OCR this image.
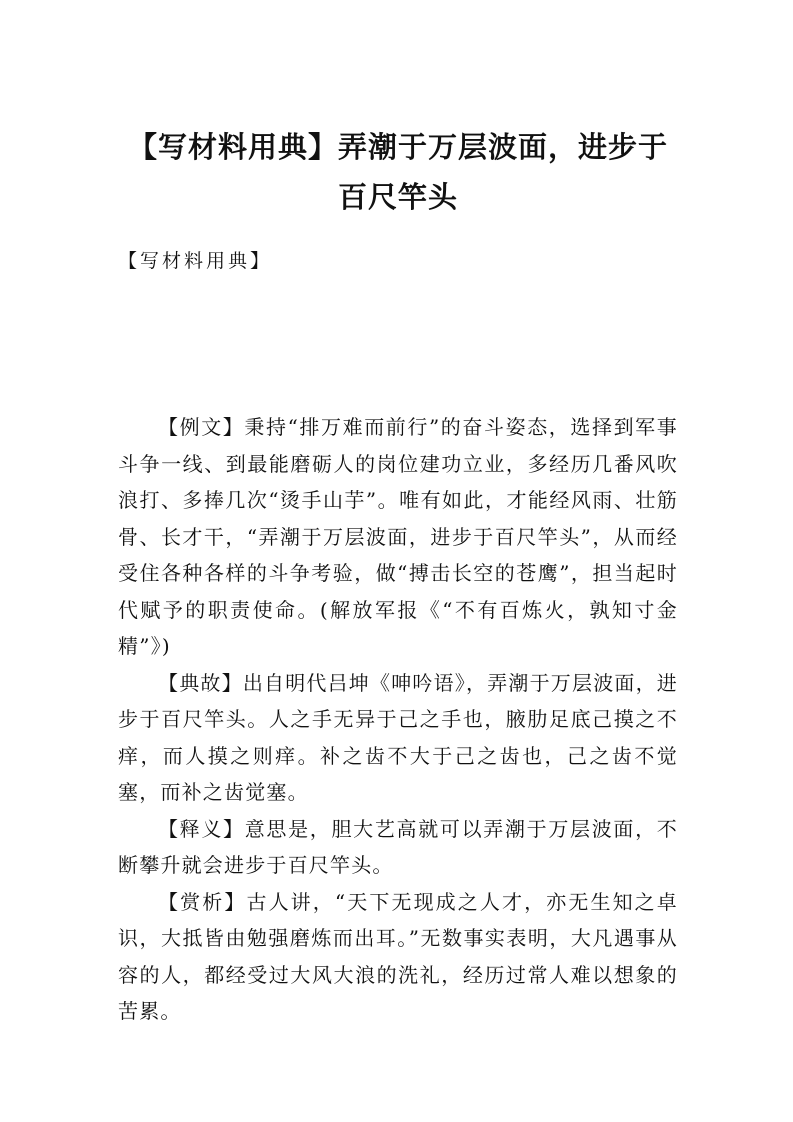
【写材料用典】弄潮于万层波面，进步于百尺竿头
【写材料用典】

【例文】秉持“排万难而前行”的奋斗姿态，选择到军事斗争一线、到最能磨砺人的岗位建功立业，多经历几番风吹浪打、多捧几次“烫手山芋”。唯有如此，才能经风雨、壮筋骨、长才干，“弄潮于万层波面，进步于百尺竿头”，从而经受住各种各样的斗争考验，做“搏击长空的苍鹰”，担当起时代赋予的职责使命。(解放军报《“不有百炼火，孰知寸金精”》)

【典故】出自明代吕坤《呻吟语》，弄潮于万层波面，进步于百尺竿头。人之手无异于己之手也，腋肋足底己摸之不痒，而人摸之则痒。补之齿不大于己之齿也，己之齿不觉塞，而补之齿觉塞。

【释义】意思是，胆大艺高就可以弄潮于万层波面，不断攀升就会进步于百尺竿头。

【赏析】古人讲，“天下无现成之人才，亦无生知之卓识，大抵皆由勉强磨炼而出耳。”无数事实表明，大凡遇事从容的人，都经受过大风大浪的洗礼，经历过常人难以想象的苦累。
